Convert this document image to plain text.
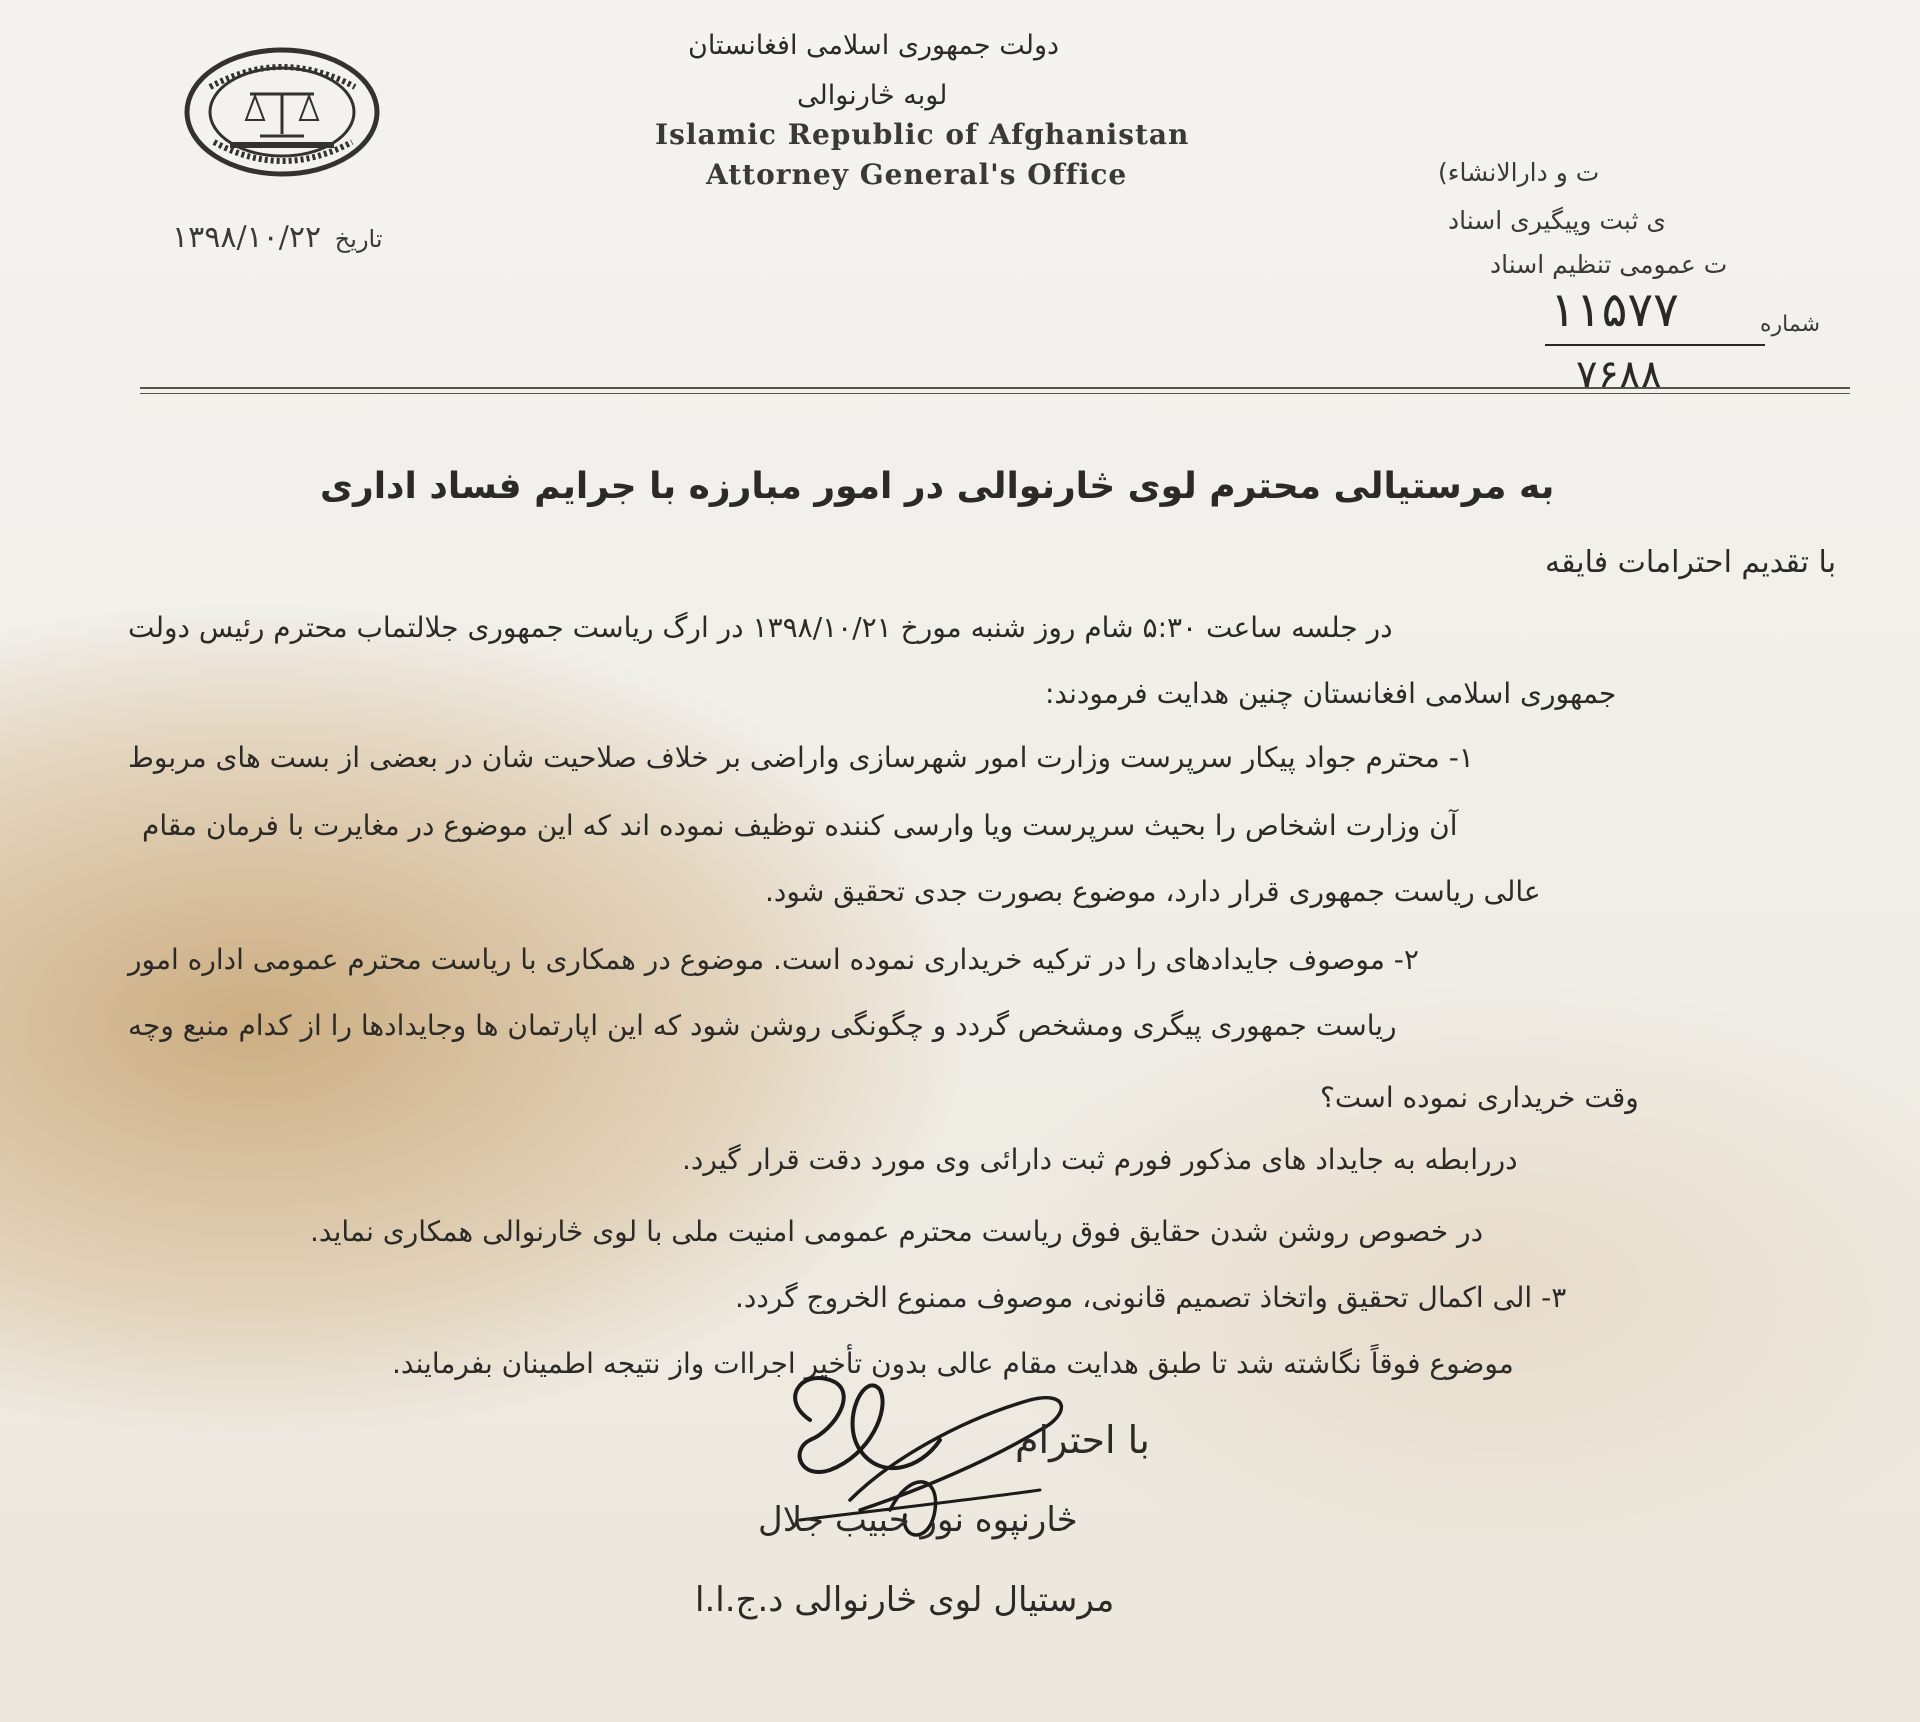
دولت جمهوری اسلامی افغانستان
لوبه څارنوالی
Islamic Republic of Afghanistan
Attorney General's Office
۱۳۹۸/۱۰/۲۲ تاریخ
ت و دارالانشاء)
ی ثبت وپیگیری اسناد
ت عمومی تنظیم اسناد
شماره
۱۱۵۷۷
۷۶۸۸
به مرستیالی محترم لوی څارنوالی در امور مبارزه با جرایم فساد اداری
با تقدیم احترامات فایقه
در جلسه ساعت ۵:۳۰ شام روز شنبه مورخ ۱۳۹۸/۱۰/۲۱ در ارگ ریاست جمهوری جلالتماب محترم رئیس دولت
جمهوری اسلامی افغانستان چنین هدایت فرمودند:
۱- محترم جواد پیکار سرپرست وزارت امور شهرسازی واراضی بر خلاف صلاحیت شان در بعضی از بست های مربوط
آن وزارت اشخاص را بحیث سرپرست ویا وارسی کننده توظیف نموده اند که این موضوع در مغایرت با فرمان مقام
عالی ریاست جمهوری قرار دارد، موضوع بصورت جدی تحقیق شود.
۲- موصوف جایدادهای را در ترکیه خریداری نموده است. موضوع در همکاری با ریاست محترم عمومی اداره امور
ریاست جمهوری پیگری ومشخص گردد و چگونگی روشن شود که این اپارتمان ها وجایدادها را از کدام منبع وچه
وقت خریداری نموده است؟
دررابطه به جایداد های مذکور فورم ثبت دارائی وی مورد دقت قرار گیرد.
در خصوص روشن شدن حقایق فوق ریاست محترم عمومی امنیت ملی با لوی څارنوالی همکاری نماید.
۳- الی اکمال تحقیق واتخاذ تصمیم قانونی، موصوف ممنوع الخروج گردد.
موضوع فوقاً نگاشته شد تا طبق هدایت مقام عالی بدون تأخیر اجراات واز نتیجه اطمینان بفرمایند.
با احترام
څارنپوه نور حبیب جلال
مرستیال لوی څارنوالی د.ج.ا.ا
